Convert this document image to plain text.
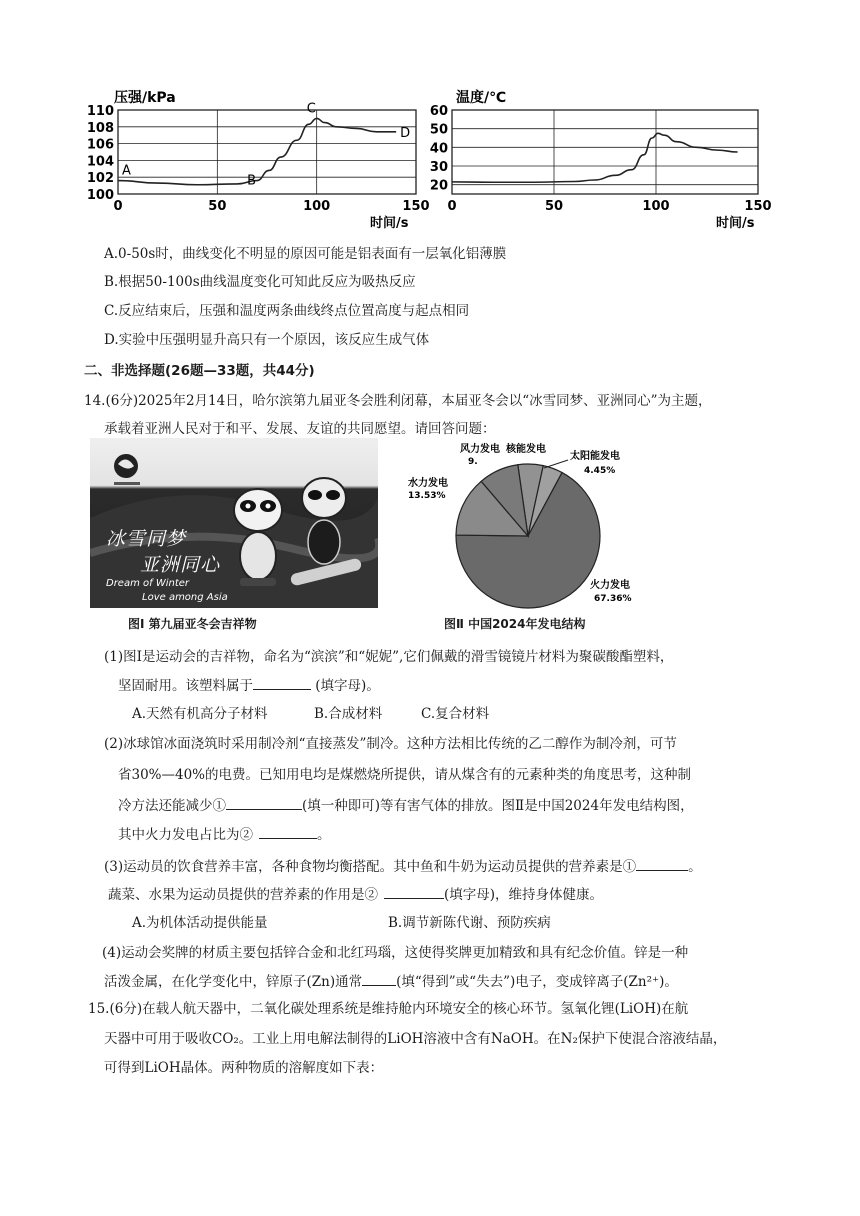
压强/kPa
110
108
106
104
102
100
0	50	100	150
A
B
C
D
时间/s
温度/℃
60
50
40
30
20
0	50	100	150
时间/s
A.0-50s时，曲线变化不明显的原因可能是铝表面有一层氧化铝薄膜
B.根据50-100s曲线温度变化可知此反应为吸热反应
C.反应结束后，压强和温度两条曲线终点位置高度与起点相同
D.实验中压强明显升高只有一个原因，该反应生成气体
二、非选择题(26题—33题，共44分)
14.(6分)2025年2月14日，哈尔滨第九届亚冬会胜利闭幕，本届亚冬会以“冰雪同梦、亚洲同心”为主题，
承载着亚洲人民对于和平、发展、友谊的共同愿望。请回答问题：
冰雪同梦
亚洲同心
Dream of Winter
Love among Asia
图Ⅰ 第九届亚冬会吉祥物
风力发电 核能发电
9.	太阳能发电
4.45%
水力发电
13.53%
火力发电
67.36%
图Ⅱ 中国2024年发电结构
(1)图I是运动会的吉祥物，命名为“滨滨”和“妮妮”,它们佩戴的滑雪镜镜片材料为聚碳酸酯塑料，
坚固耐用。该塑料属于	(填字母)。
A.天然有机高分子材料	B.合成材料	C.复合材料
(2)冰球馆冰面浇筑时采用制冷剂“直接蒸发”制冷。这种方法相比传统的乙二醇作为制冷剂，可节
省30%—40%的电费。已知用电均是煤燃烧所提供，请从煤含有的元素种类的角度思考，这种制
冷方法还能减少①	(填一种即可)等有害气体的排放。图Ⅱ是中国2024年发电结构图，
其中火力发电占比为②	。
(3)运动员的饮食营养丰富，各种食物均衡搭配。其中鱼和牛奶为运动员提供的营养素是①	。
蔬菜、水果为运动员提供的营养素的作用是②	(填字母)，维持身体健康。
A.为机体活动提供能量	B.调节新陈代谢、预防疾病
(4)运动会奖牌的材质主要包括锌合金和北红玛瑙，这使得奖牌更加精致和具有纪念价值。锌是一种
活泼金属，在化学变化中，锌原子(Zn)通常	(填“得到”或“失去”)电子，变成锌离子(Zn²⁺)。
15.(6分)在载人航天器中，二氧化碳处理系统是维持舱内环境安全的核心环节。氢氧化锂(LiOH)在航
天器中可用于吸收CO₂。工业上用电解法制得的LiOH溶液中含有NaOH。在N₂保护下使混合溶液结晶，
可得到LiOH晶体。两种物质的溶解度如下表：
